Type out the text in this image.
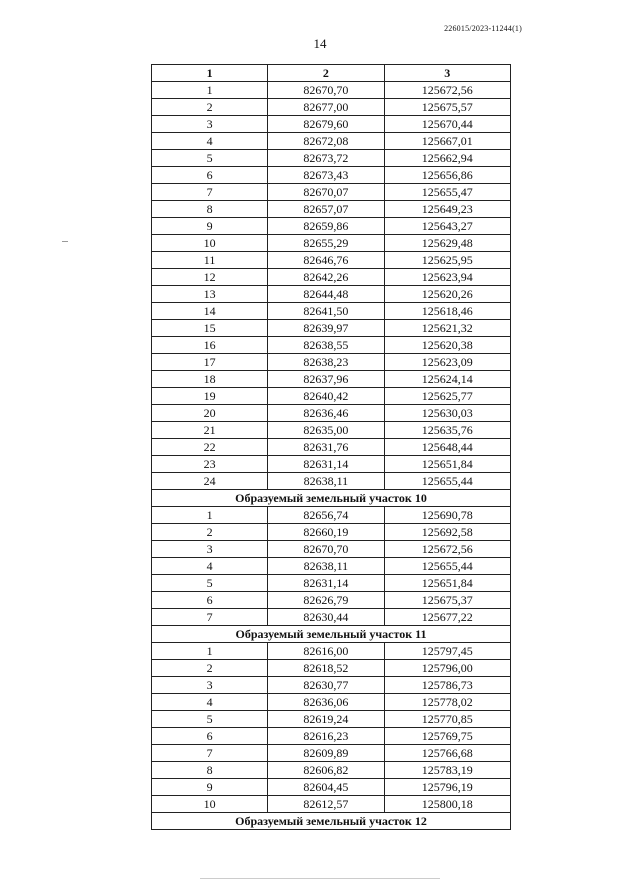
226015/2023-11244(1)
14
1	2	3
1	82670,70	125672,56
2	82677,00	125675,57
3	82679,60	125670,44
4	82672,08	125667,01
5	82673,72	125662,94
6	82673,43	125656,86
7	82670,07	125655,47
8	82657,07	125649,23
9	82659,86	125643,27
10	82655,29	125629,48
11	82646,76	125625,95
12	82642,26	125623,94
13	82644,48	125620,26
14	82641,50	125618,46
15	82639,97	125621,32
16	82638,55	125620,38
17	82638,23	125623,09
18	82637,96	125624,14
19	82640,42	125625,77
20	82636,46	125630,03
21	82635,00	125635,76
22	82631,76	125648,44
23	82631,14	125651,84
24	82638,11	125655,44
Образуемый земельный участок 10		
1	82656,74	125690,78
2	82660,19	125692,58
3	82670,70	125672,56
4	82638,11	125655,44
5	82631,14	125651,84
6	82626,79	125675,37
7	82630,44	125677,22
Образуемый земельный участок 11		
1	82616,00	125797,45
2	82618,52	125796,00
3	82630,77	125786,73
4	82636,06	125778,02
5	82619,24	125770,85
6	82616,23	125769,75
7	82609,89	125766,68
8	82606,82	125783,19
9	82604,45	125796,19
10	82612,57	125800,18
Образуемый земельный участок 12		
